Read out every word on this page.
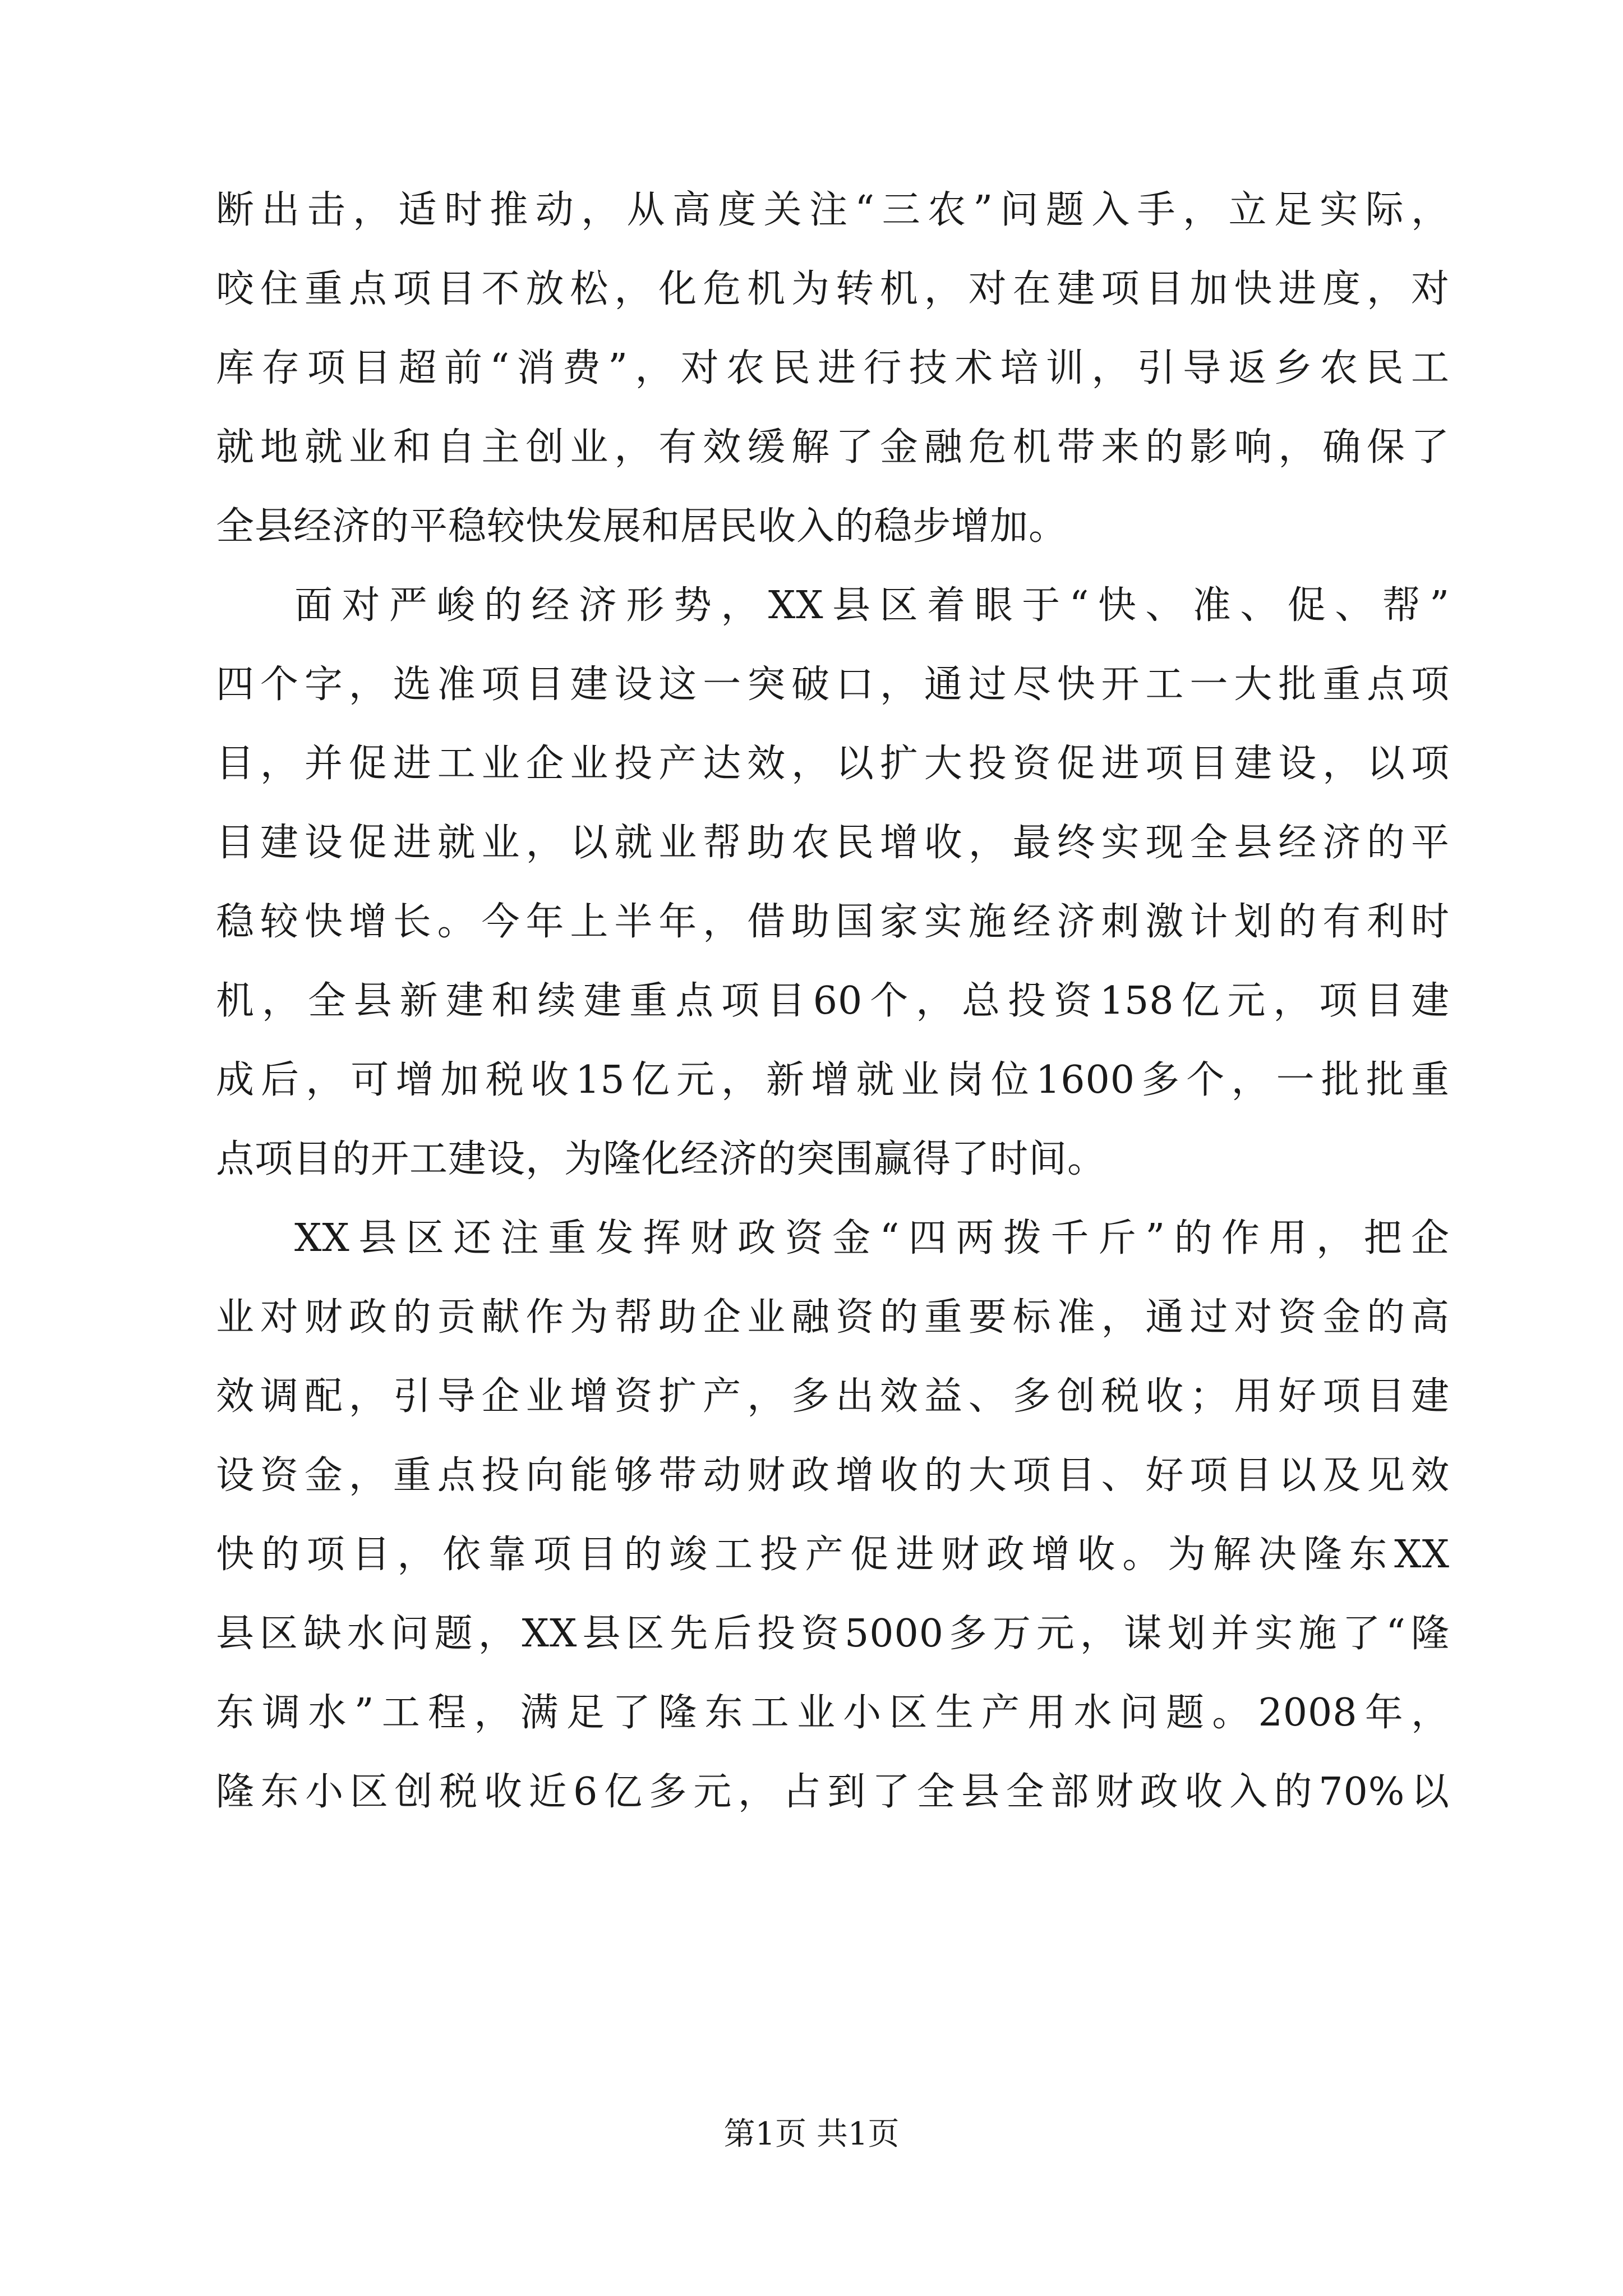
断出击，适时推动，从高度关注“三农”问题入手，立足实际，
咬住重点项目不放松，化危机为转机，对在建项目加快进度，对
库存项目超前“消费”，对农民进行技术培训，引导返乡农民工
就地就业和自主创业，有效缓解了金融危机带来的影响，确保了
全县经济的平稳较快发展和居民收入的稳步增加。
面对严峻的经济形势，XX县区着眼于“快、准、促、帮”
四个字，选准项目建设这一突破口，通过尽快开工一大批重点项
目，并促进工业企业投产达效，以扩大投资促进项目建设，以项
目建设促进就业，以就业帮助农民增收，最终实现全县经济的平
稳较快增长。今年上半年，借助国家实施经济刺激计划的有利时
机，全县新建和续建重点项目60个，总投资158亿元，项目建
成后，可增加税收15亿元，新增就业岗位1600多个，一批批重
点项目的开工建设，为隆化经济的突围赢得了时间。
XX县区还注重发挥财政资金“四两拨千斤”的作用，把企
业对财政的贡献作为帮助企业融资的重要标准，通过对资金的高
效调配，引导企业增资扩产，多出效益、多创税收；用好项目建
设资金，重点投向能够带动财政增收的大项目、好项目以及见效
快的项目，依靠项目的竣工投产促进财政增收。为解决隆东XX
县区缺水问题，XX县区先后投资5000多万元，谋划并实施了“隆
东调水”工程，满足了隆东工业小区生产用水问题。2008年，
隆东小区创税收近6亿多元，占到了全县全部财政收入的70%以
第1页 共1页
